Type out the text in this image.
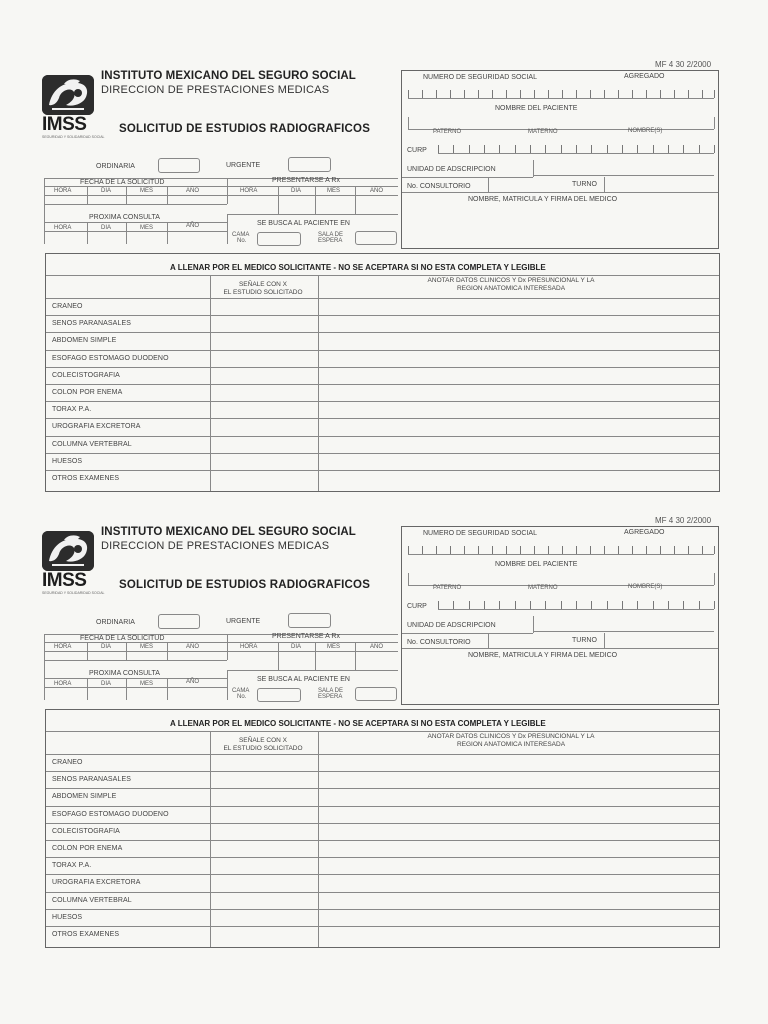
MF 4 30 2/2000
IMSS
SEGURIDAD Y SOLIDARIDAD SOCIAL
INSTITUTO MEXICANO DEL SEGURO SOCIAL
DIRECCION DE PRESTACIONES MEDICAS
SOLICITUD DE ESTUDIOS RADIOGRAFICOS
ORDINARIA	URGENTE
FECHA DE LA SOLICITUD	PRESENTARSE A Rx
HORA	DIA	MES	AÑO	HORA	DIA	MES	AÑO
PROXIMA CONSULTA
HORA	DIA	MES	AÑO	SE BUSCA AL PACIENTE EN
CAMA
No.
SALA DE
ESPERA
NUMERO DE SEGURIDAD SOCIAL	AGREGADO
NOMBRE DEL PACIENTE
PATERNO	MATERNO	NOMBRE(S)
CURP
UNIDAD DE ADSCRIPCION
No. CONSULTORIO	TURNO
NOMBRE, MATRICULA Y FIRMA DEL MEDICO
A LLENAR POR EL MEDICO SOLICITANTE - NO SE ACEPTARA SI NO ESTA COMPLETA Y LEGIBLE
SEÑALE CON X
EL ESTUDIO SOLICITADO
ANOTAR DATOS CLINICOS Y Dx PRESUNCIONAL Y LA
REGION ANATOMICA INTERESADA
CRANEO
SENOS PARANASALES
ABDOMEN SIMPLE
ESOFAGO ESTOMAGO DUODENO
COLECISTOGRAFIA
COLON POR ENEMA
TORAX P.A.
UROGRAFIA EXCRETORA
COLUMNA VERTEBRAL
HUESOS
OTROS EXAMENES
MF 4 30 2/2000
IMSS
SEGURIDAD Y SOLIDARIDAD SOCIAL
INSTITUTO MEXICANO DEL SEGURO SOCIAL
DIRECCION DE PRESTACIONES MEDICAS
SOLICITUD DE ESTUDIOS RADIOGRAFICOS
ORDINARIA	URGENTE
FECHA DE LA SOLICITUD	PRESENTARSE A Rx
HORA	DIA	MES	AÑO	HORA	DIA	MES	AÑO
PROXIMA CONSULTA
HORA	DIA	MES	AÑO	SE BUSCA AL PACIENTE EN
CAMA
No.
SALA DE
ESPERA
NUMERO DE SEGURIDAD SOCIAL	AGREGADO
NOMBRE DEL PACIENTE
PATERNO	MATERNO	NOMBRE(S)
CURP
UNIDAD DE ADSCRIPCION
No. CONSULTORIO	TURNO
NOMBRE, MATRICULA Y FIRMA DEL MEDICO
A LLENAR POR EL MEDICO SOLICITANTE - NO SE ACEPTARA SI NO ESTA COMPLETA Y LEGIBLE
SEÑALE CON X
EL ESTUDIO SOLICITADO
ANOTAR DATOS CLINICOS Y Dx PRESUNCIONAL Y LA
REGION ANATOMICA INTERESADA
CRANEO
SENOS PARANASALES
ABDOMEN SIMPLE
ESOFAGO ESTOMAGO DUODENO
COLECISTOGRAFIA
COLON POR ENEMA
TORAX P.A.
UROGRAFIA EXCRETORA
COLUMNA VERTEBRAL
HUESOS
OTROS EXAMENES
